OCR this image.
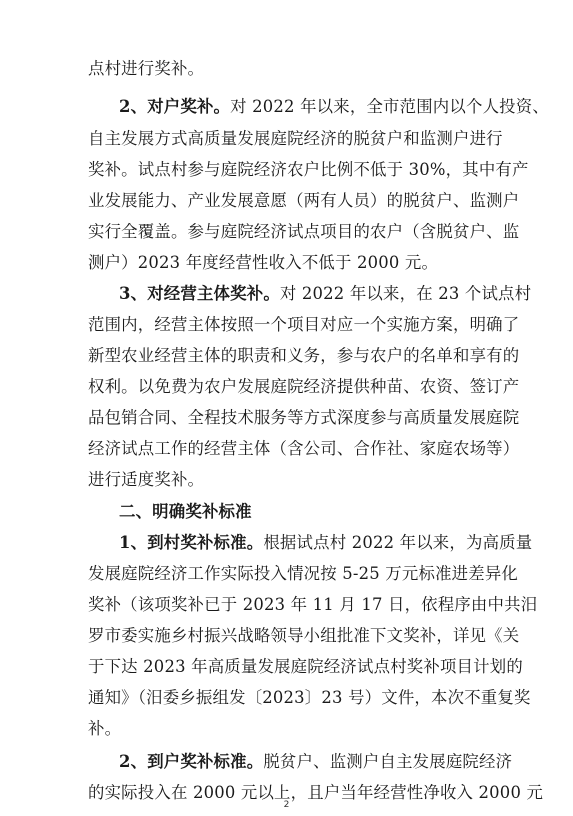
点村进行奖补。
2、对户奖补。对 2022 年以来，全市范围内以个人投资、
自主发展方式高质量发展庭院经济的脱贫户和监测户进行
奖补。试点村参与庭院经济农户比例不低于 30%，其中有产
业发展能力、产业发展意愿（两有人员）的脱贫户、监测户
实行全覆盖。参与庭院经济试点项目的农户（含脱贫户、监
测户）2023 年度经营性收入不低于 2000 元。
3、对经营主体奖补。对 2022 年以来，在 23 个试点村
范围内，经营主体按照一个项目对应一个实施方案，明确了
新型农业经营主体的职责和义务，参与农户的名单和享有的
权利。以免费为农户发展庭院经济提供种苗、农资、签订产
品包销合同、全程技术服务等方式深度参与高质量发展庭院
经济试点工作的经营主体（含公司、合作社、家庭农场等）
进行适度奖补。
二、明确奖补标准
1、到村奖补标准。根据试点村 2022 年以来，为高质量
发展庭院经济工作实际投入情况按 5-25 万元标准进差异化
奖补（该项奖补已于 2023 年 11 月 17 日，依程序由中共汨
罗市委实施乡村振兴战略领导小组批准下文奖补，详见《关
于下达 2023 年高质量发展庭院经济试点村奖补项目计划的
通知》（汨委乡振组发〔2023〕23 号）文件，本次不重复奖
补。
2、到户奖补标准。脱贫户、监测户自主发展庭院经济
的实际投入在 2000 元以上，且户当年经营性净收入 2000 元
2
